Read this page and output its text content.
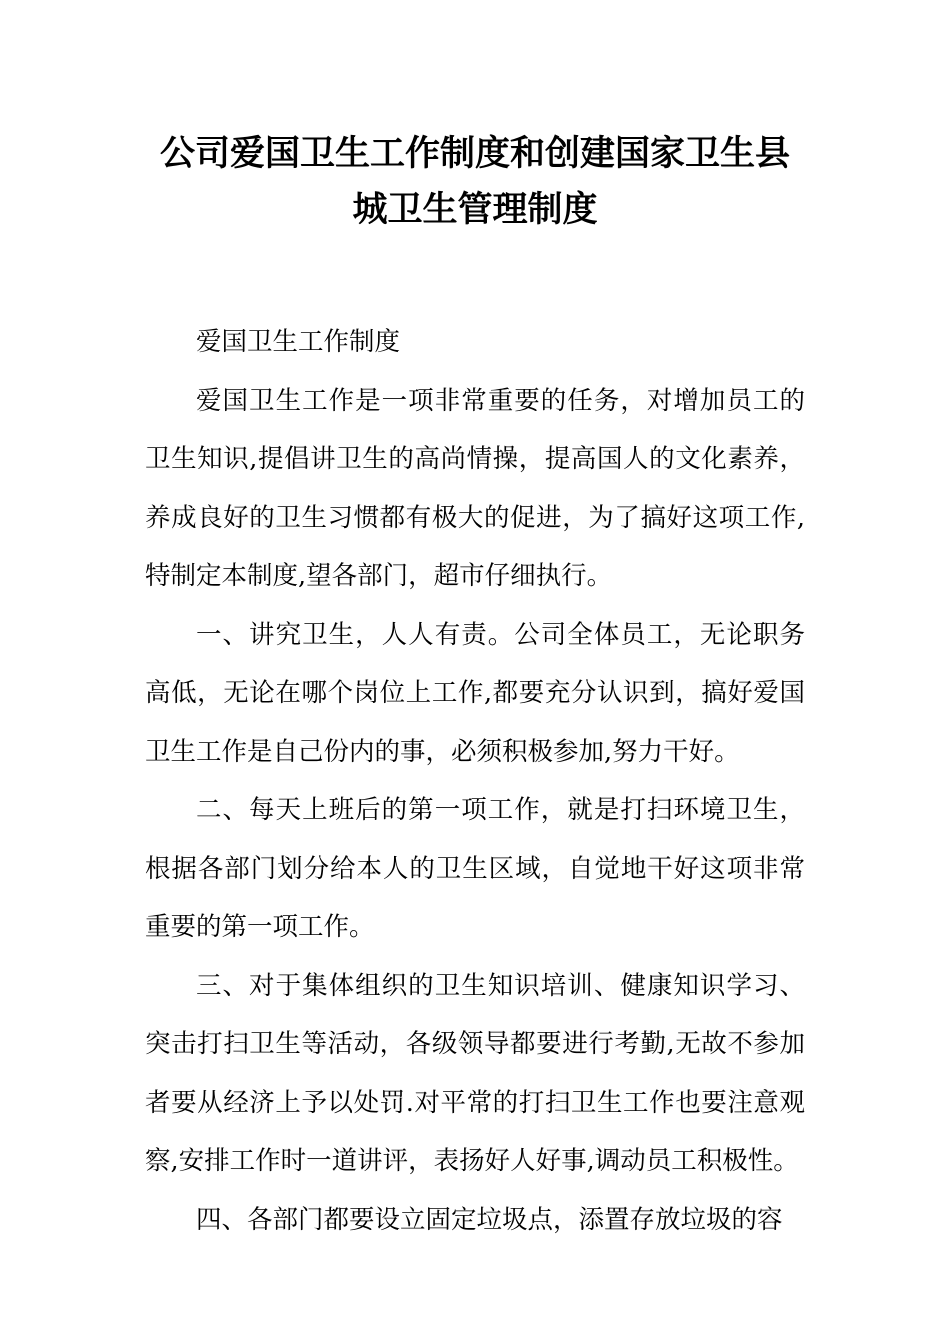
公司爱国卫生工作制度和创建国家卫生县
城卫生管理制度

爱国卫生工作制度

爱国卫生工作是一项非常重要的任务，对增加员工的卫生知识,提倡讲卫生的高尚情操，提高国人的文化素养，养成良好的卫生习惯都有极大的促进，为了搞好这项工作,特制定本制度,望各部门，超市仔细执行。

一、讲究卫生，人人有责。公司全体员工，无论职务高低，无论在哪个岗位上工作,都要充分认识到，搞好爱国卫生工作是自己份内的事，必须积极参加,努力干好。

二、每天上班后的第一项工作，就是打扫环境卫生，根据各部门划分给本人的卫生区域，自觉地干好这项非常重要的第一项工作。

三、对于集体组织的卫生知识培训、健康知识学习、突击打扫卫生等活动，各级领导都要进行考勤,无故不参加者要从经济上予以处罚.对平常的打扫卫生工作也要注意观察,安排工作时一道讲评，表扬好人好事,调动员工积极性。

四、各部门都要设立固定垃圾点，添置存放垃圾的容
